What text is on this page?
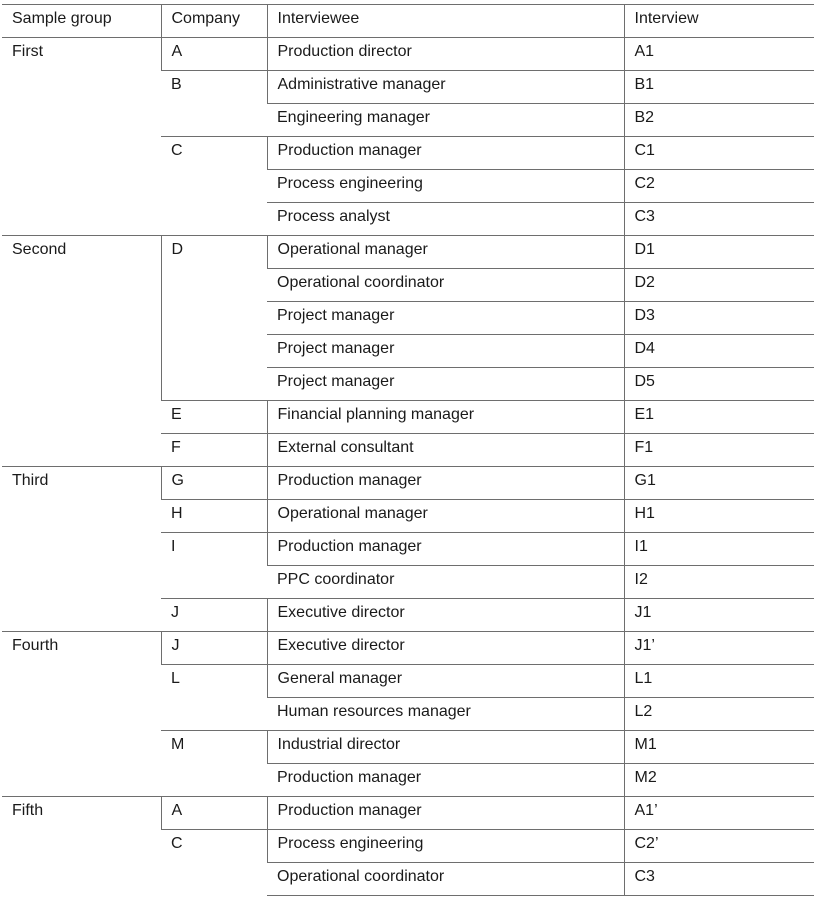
Sample group	Company	Interviewee	Interview
First	A	Production director	A1
	B	Administrative manager	B1
		Engineering manager	B2
	C	Production manager	C1
		Process engineering	C2
		Process analyst	C3
Second	D	Operational manager	D1
		Operational coordinator	D2
		Project manager	D3
		Project manager	D4
		Project manager	D5
	E	Financial planning manager	E1
	F	External consultant	F1
Third	G	Production manager	G1
	H	Operational manager	H1
	I	Production manager	I1
		PPC coordinator	I2
	J	Executive director	J1
Fourth	J	Executive director	J1’
	L	General manager	L1
		Human resources manager	L2
	M	Industrial director	M1
		Production manager	M2
Fifth	A	Production manager	A1’
	C	Process engineering	C2’
		Operational coordinator	C3
